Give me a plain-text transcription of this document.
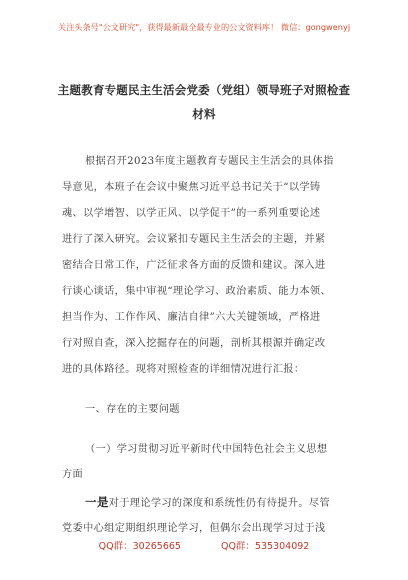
关注头条号"公文研究"，获得最新最全最专业的公文资料库！ 微信：gongwenyj
主题教育专题民主生活会党委（党组）领导班子对照检查
材料
根据召开2023年度主题教育专题民主生活会的具体指
导意见，本班子在会议中聚焦习近平总书记关于“以学铸
魂、以学增智、以学正风、以学促干”的一系列重要论述
进行了深入研究。会议紧扣专题民主生活会的主题，并紧
密结合日常工作，广泛征求各方面的反馈和建议。深入进
行谈心谈话，集中审视“理论学习、政治素质、能力本领、
担当作为、工作作风、廉洁自律”六大关键领域，严格进
行对照自查，深入挖掘存在的问题，剖析其根源并确定改
进的具体路径。现将对照检查的详细情况进行汇报：
一、存在的主要问题
（一）学习贯彻习近平新时代中国特色社会主义思想
方面
一是对于理论学习的深度和系统性仍有待提升。尽管
党委中心组定期组织理论学习，但偶尔会出现学习过于浅
QQ群：30265665	QQ群：535304092
